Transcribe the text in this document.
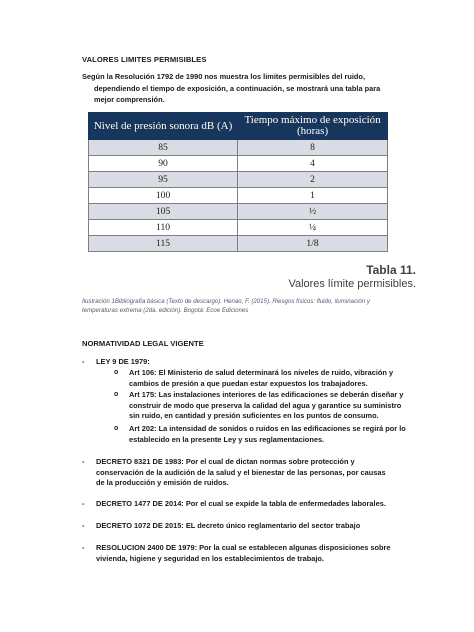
VALORES LIMITES PERMISIBLES
Según la Resolución 1792 de 1990 nos muestra los limites permisibles del ruido,
dependiendo el tiempo de exposición, a continuación, se mostrará una tabla para mejor comprensión.
Nivel de presión sonora dB (A)	Tiempo máximo de exposición (horas)
85	8
90	4
95	2
100	1
105	½
110	¼
115	1/8
Tabla 11.
Valores límite permisibles.
Ilustración 1Bibliografía básica (Texto de descargo). Henao, F. (2015). Riesgos físicos: fluido, iluminación y temperaturas extrema (2da. edición). Bogotá: Ecoe Ediciones
NORMATIVIDAD LEGAL VIGENTE
- LEY 9 DE 1979:
o Art 106: El Ministerio de salud determinará los niveles de ruido, vibración y cambios de presión a que puedan estar expuestos los trabajadores.
o Art 175: Las instalaciones interiores de las edificaciones se deberán diseñar y construir de modo que preserva la calidad del agua y garantice su suministro sin ruido, en cantidad y presión suficientes en los puntos de consumo.
o Art 202: La intensidad de sonidos o ruidos en las edificaciones se regirá por lo establecido en la presente Ley y sus reglamentaciones.
- DECRETO 8321 DE 1983: Por el cual de dictan normas sobre protección y conservación de la audición de la salud y el bienestar de las personas, por causas de la producción y emisión de ruidos.
- DECRETO 1477 DE 2014: Por el cual se expide la tabla de enfermedades laborales.
- DECRETO 1072 DE 2015: EL decreto único reglamentario del sector trabajo
- RESOLUCION 2400 DE 1979: Por la cual se establecen algunas disposiciones sobre vivienda, higiene y seguridad en los establecimientos de trabajo.
